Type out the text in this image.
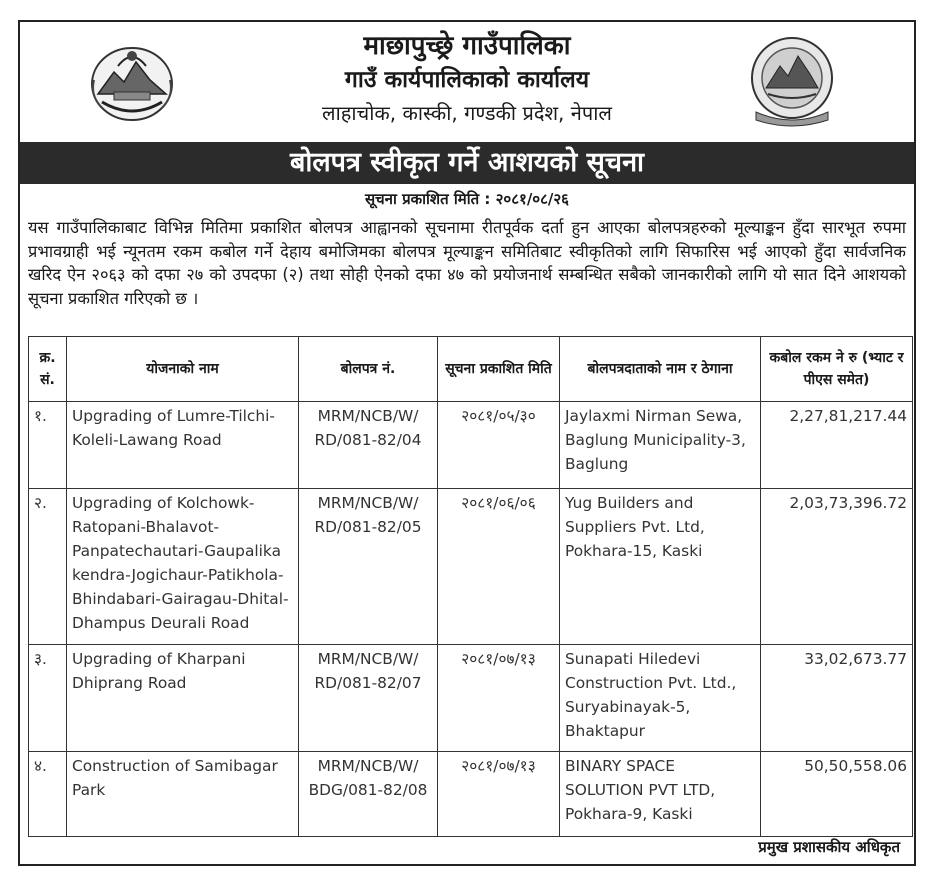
माछापुच्छ्रे गाउँपालिका
गाउँ कार्यपालिकाको कार्यालय
लाहाचोक, कास्की, गण्डकी प्रदेश, नेपाल
बोलपत्र स्वीकृत गर्ने आशयको सूचना
सूचना प्रकाशित मिति : २०८१/०८/२६
यस गाउँपालिकाबाट विभिन्न मितिमा प्रकाशित बोलपत्र आह्वानको सूचनामा रीतपूर्वक दर्ता हुन आएका बोलपत्रहरुको मूल्याङ्कन हुँदा सारभूत रुपमा प्रभावग्राही भई न्यूनतम रकम कबोल गर्ने देहाय बमोजिमका बोलपत्र मूल्याङ्कन समितिबाट स्वीकृतिको लागि सिफारिस भई आएको हुँदा सार्वजनिक खरिद ऐन २०६३ को दफा २७ को उपदफा (२) तथा सोही ऐनको दफा ४७ को प्रयोजनार्थ सम्बन्धित सबैको जानकारीको लागि यो सात दिने आशयको सूचना प्रकाशित गरिएको छ ।
क्र. सं.	योजनाको नाम	बोलपत्र नं.	सूचना प्रकाशित मिति	बोलपत्रदाताको नाम र ठेगाना	कबोल रकम ने रु (भ्याट र पीएस समेत)
१.	Upgrading of Lumre-Tilchi-Koleli-Lawang Road	MRM/NCB/W/ RD/081-82/04	२०८१/०५/३०	Jaylaxmi Nirman Sewa, Baglung Municipality-3, Baglung	2,27,81,217.44
२.	Upgrading of Kolchowk-Ratopani-Bhalavot-Panpatechautari-Gaupalika kendra-Jogichaur-Patikhola-Bhindabari-Gairagau-Dhital-Dhampus Deurali Road	MRM/NCB/W/ RD/081-82/05	२०८१/०६/०६	Yug Builders and Suppliers Pvt. Ltd, Pokhara-15, Kaski	2,03,73,396.72
३.	Upgrading of Kharpani Dhiprang Road	MRM/NCB/W/ RD/081-82/07	२०८१/०७/१३	Sunapati Hiledevi Construction Pvt. Ltd., Suryabinayak-5, Bhaktapur	33,02,673.77
४.	Construction of Samibagar Park	MRM/NCB/W/ BDG/081-82/08	२०८१/०७/१३	BINARY SPACE SOLUTION PVT LTD, Pokhara-9, Kaski	50,50,558.06
प्रमुख प्रशासकीय अधिकृत
